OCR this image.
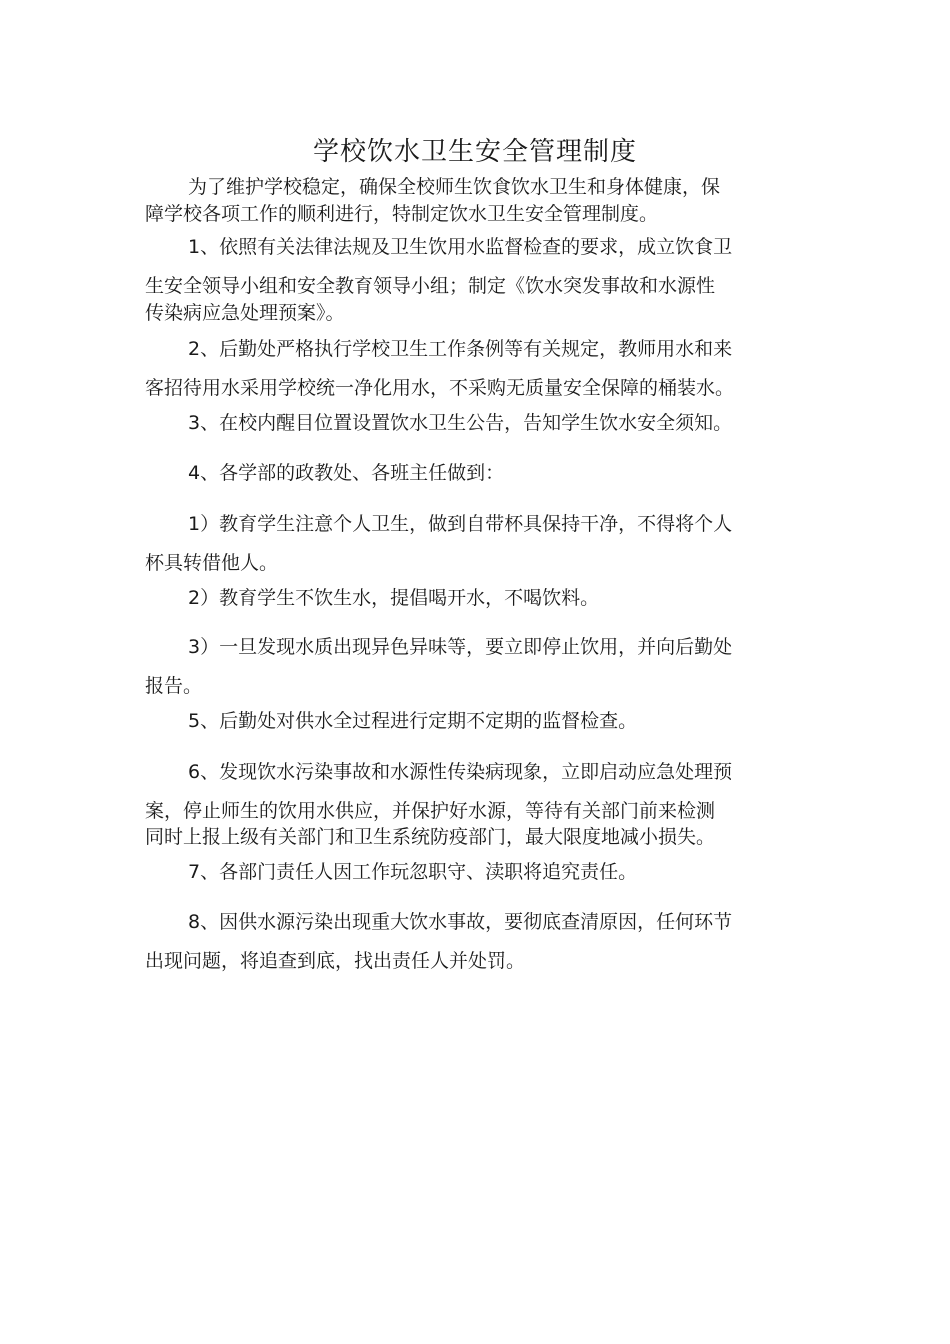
学校饮水卫生安全管理制度
为了维护学校稳定，确保全校师生饮食饮水卫生和身体健康，保
障学校各项工作的顺利进行，特制定饮水卫生安全管理制度。
1、依照有关法律法规及卫生饮用水监督检查的要求，成立饮食卫
生安全领导小组和安全教育领导小组；制定《饮水突发事故和水源性
传染病应急处理预案》。
2、后勤处严格执行学校卫生工作条例等有关规定，教师用水和来
客招待用水采用学校统一净化用水，不采购无质量安全保障的桶装水。
3、在校内醒目位置设置饮水卫生公告，告知学生饮水安全须知。
4、各学部的政教处、各班主任做到：
1）教育学生注意个人卫生，做到自带杯具保持干净，不得将个人
杯具转借他人。
2）教育学生不饮生水，提倡喝开水，不喝饮料。
3）一旦发现水质出现异色异味等，要立即停止饮用，并向后勤处
报告。
5、后勤处对供水全过程进行定期不定期的监督检查。
6、发现饮水污染事故和水源性传染病现象，立即启动应急处理预
案，停止师生的饮用水供应，并保护好水源，等待有关部门前来检测
同时上报上级有关部门和卫生系统防疫部门，最大限度地减小损失。
7、各部门责任人因工作玩忽职守、渎职将追究责任。
8、因供水源污染出现重大饮水事故，要彻底查清原因，任何环节
出现问题，将追查到底，找出责任人并处罚。
